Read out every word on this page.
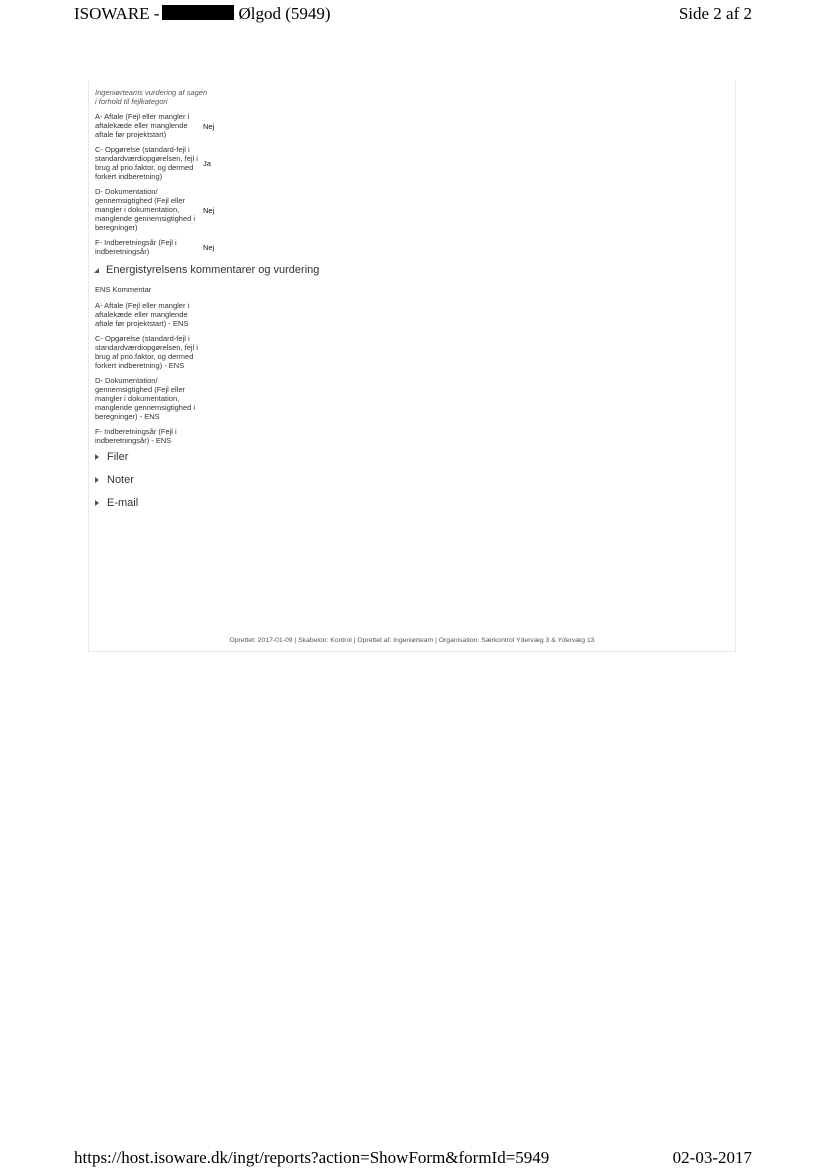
ISOWARE -	Ølgod (5949)	Side 2 af 2
Ingeniørteams vurdering af sagen i forhold til fejlkategori
A- Aftale (Fejl eller mangler i aftalekæde eller manglende aftale før projektstart)
Nej
C- Opgørelse (standard-fejl i standardværdiopgørelsen, fejl i brug af prio.faktor, og dermed forkert indberetning)
Ja
D- Dokumentation/ gennemsigtighed (Fejl eller mangler i dokumentation, manglende gennemsigtighed i beregninger)
Nej
F- Indberetningsår (Fejl i indberetningsår)	Nej
Energistyrelsens kommentarer og vurdering
ENS Kommentar
A- Aftale (Fejl eller mangler i aftalekæde eller manglende aftale før projektstart) - ENS
C- Opgørelse (standard-fejl i standardværdiopgørelsen, fejl i brug af prio.faktor, og dermed forkert indberetning) - ENS
D- Dokumentation/ gennemsigtighed (Fejl eller mangler i dokumentation, manglende gennemsigtighed i beregninger) - ENS
F- Indberetningsår (Fejl i indberetningsår) - ENS
Filer
Noter
E-mail
Oprettet: 2017-01-09 | Skabelon: Kontrol | Oprettet af: Ingeniørteam | Organisation: Særkontrol Ydervæg 3 & Ydervæg 13
https://host.isoware.dk/ingt/reports?action=ShowForm&formId=5949	02-03-2017
